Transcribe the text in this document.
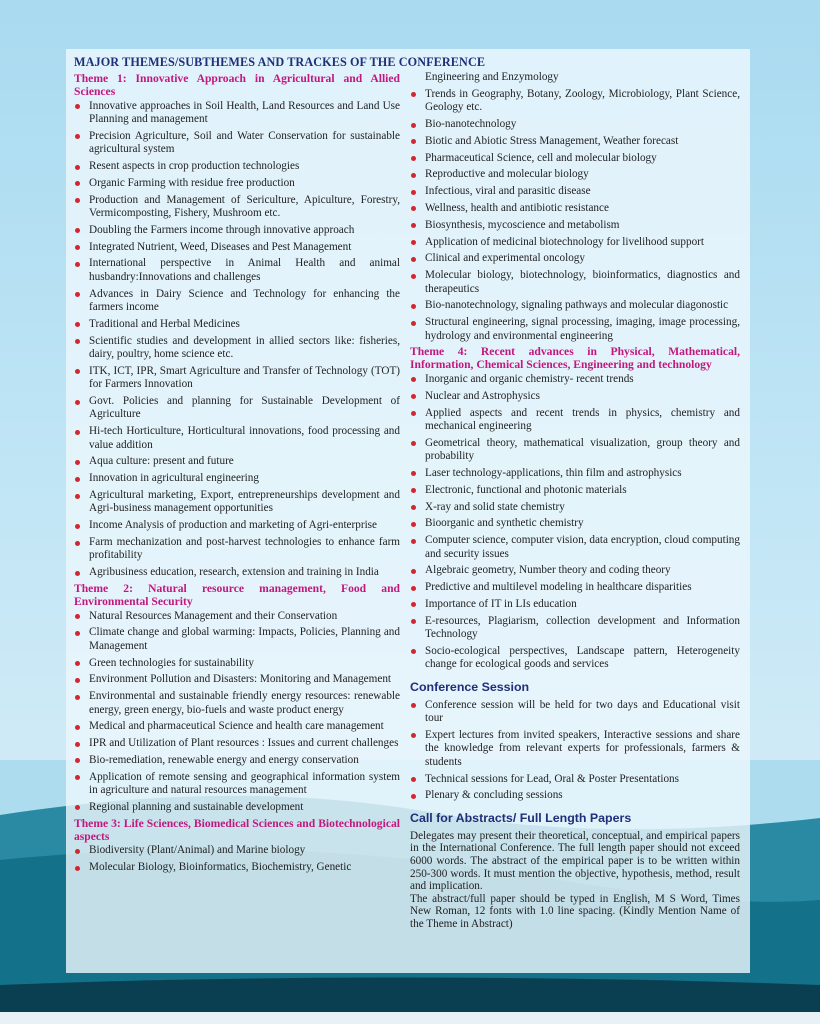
MAJOR THEMES/SUBTHEMES AND TRACKES OF THE CONFERENCE
Theme 1: Innovative Approach in Agricultural and Allied Sciences
Innovative approaches in Soil Health, Land Resources and Land Use Planning and management
Precision Agriculture, Soil and Water Conservation for sustainable agricultural system
Resent aspects in crop production technologies
Organic Farming with residue free production
Production and Management of Sericulture, Apiculture, Forestry, Vermicomposting, Fishery, Mushroom etc.
Doubling the Farmers income through innovative approach
Integrated Nutrient, Weed, Diseases and Pest Management
International perspective in Animal Health and animal husbandry:Innovations and challenges
Advances in Dairy Science and Technology for enhancing the farmers income
Traditional and Herbal Medicines
Scientific studies and development in allied sectors like: fisheries, dairy, poultry, home science etc.
ITK, ICT, IPR, Smart Agriculture and Transfer of Technology (TOT) for Farmers Innovation
Govt. Policies and planning for Sustainable Development of Agriculture
Hi-tech Horticulture, Horticultural innovations, food processing and value addition
Aqua culture: present and future
Innovation in agricultural engineering
Agricultural marketing, Export, entrepreneurships development and Agri-business management opportunities
Income Analysis of production and marketing of Agri-enterprise
Farm mechanization and post-harvest technologies to enhance farm profitability
Agribusiness education, research, extension and training in India
Theme 2: Natural resource management, Food and Environmental Security
Natural Resources Management and their Conservation
Climate change and global warming: Impacts, Policies, Planning and Management
Green technologies for sustainability
Environment Pollution and Disasters: Monitoring and Management
Environmental and sustainable friendly energy resources: renewable energy, green energy, bio-fuels and waste product energy
Medical and pharmaceutical Science and health care management
IPR and Utilization of Plant resources : Issues and current challenges
Bio-remediation, renewable energy and energy conservation
Application of remote sensing and geographical information system in agriculture and natural resources management
Regional planning and sustainable development
Theme 3: Life Sciences, Biomedical Sciences and Biotechnological aspects
Biodiversity (Plant/Animal) and Marine biology
Molecular Biology, Bioinformatics, Biochemistry, Genetic
Engineering and Enzymology
Trends in Geography, Botany, Zoology, Microbiology, Plant Science, Geology etc.
Bio-nanotechnology
Biotic and Abiotic Stress Management, Weather forecast
Pharmaceutical Science, cell and molecular biology
Reproductive and molecular biology
Infectious, viral and parasitic disease
Wellness, health and antibiotic resistance
Biosynthesis, mycoscience and metabolism
Application of medicinal biotechnology for livelihood support
Clinical and experimental oncology
Molecular biology, biotechnology, bioinformatics, diagnostics and therapeutics
Bio-nanotechnology, signaling pathways and molecular diagonostic
Structural engineering, signal processing, imaging, image processing, hydrology and environmental engineering
Theme 4: Recent advances in Physical, Mathematical, Information, Chemical Sciences, Engineering and technology
Inorganic and organic chemistry- recent trends
Nuclear and Astrophysics
Applied aspects and recent trends in physics, chemistry and mechanical engineering
Geometrical theory, mathematical visualization, group theory and probability
Laser technology-applications, thin film and astrophysics
Electronic, functional and photonic materials
X-ray and solid state chemistry
Bioorganic and synthetic chemistry
Computer science, computer vision, data encryption, cloud computing and security issues
Algebraic geometry, Number theory and coding theory
Predictive and multilevel modeling in healthcare disparities
Importance of IT in LIs education
E-resources, Plagiarism, collection development and Information Technology
Socio-ecological perspectives, Landscape pattern, Heterogeneity change for ecological goods and services
Conference Session
Conference session will be held for two days and Educational visit tour
Expert lectures from invited speakers, Interactive sessions and share the knowledge from relevant experts for professionals, farmers & students
Technical sessions for Lead, Oral & Poster Presentations
Plenary & concluding sessions
Call for Abstracts/ Full Length Papers

Delegates may present their theoretical, conceptual, and empirical papers in the International Conference. The full length paper should not exceed 6000 words. The abstract of the empirical paper is to be written within 250-300 words. It must mention the objective, hypothesis, method, result and implication.

The abstract/full paper should be typed in English, M S Word, Times New Roman, 12 fonts with 1.0 line spacing. (Kindly Mention Name of the Theme in Abstract)
